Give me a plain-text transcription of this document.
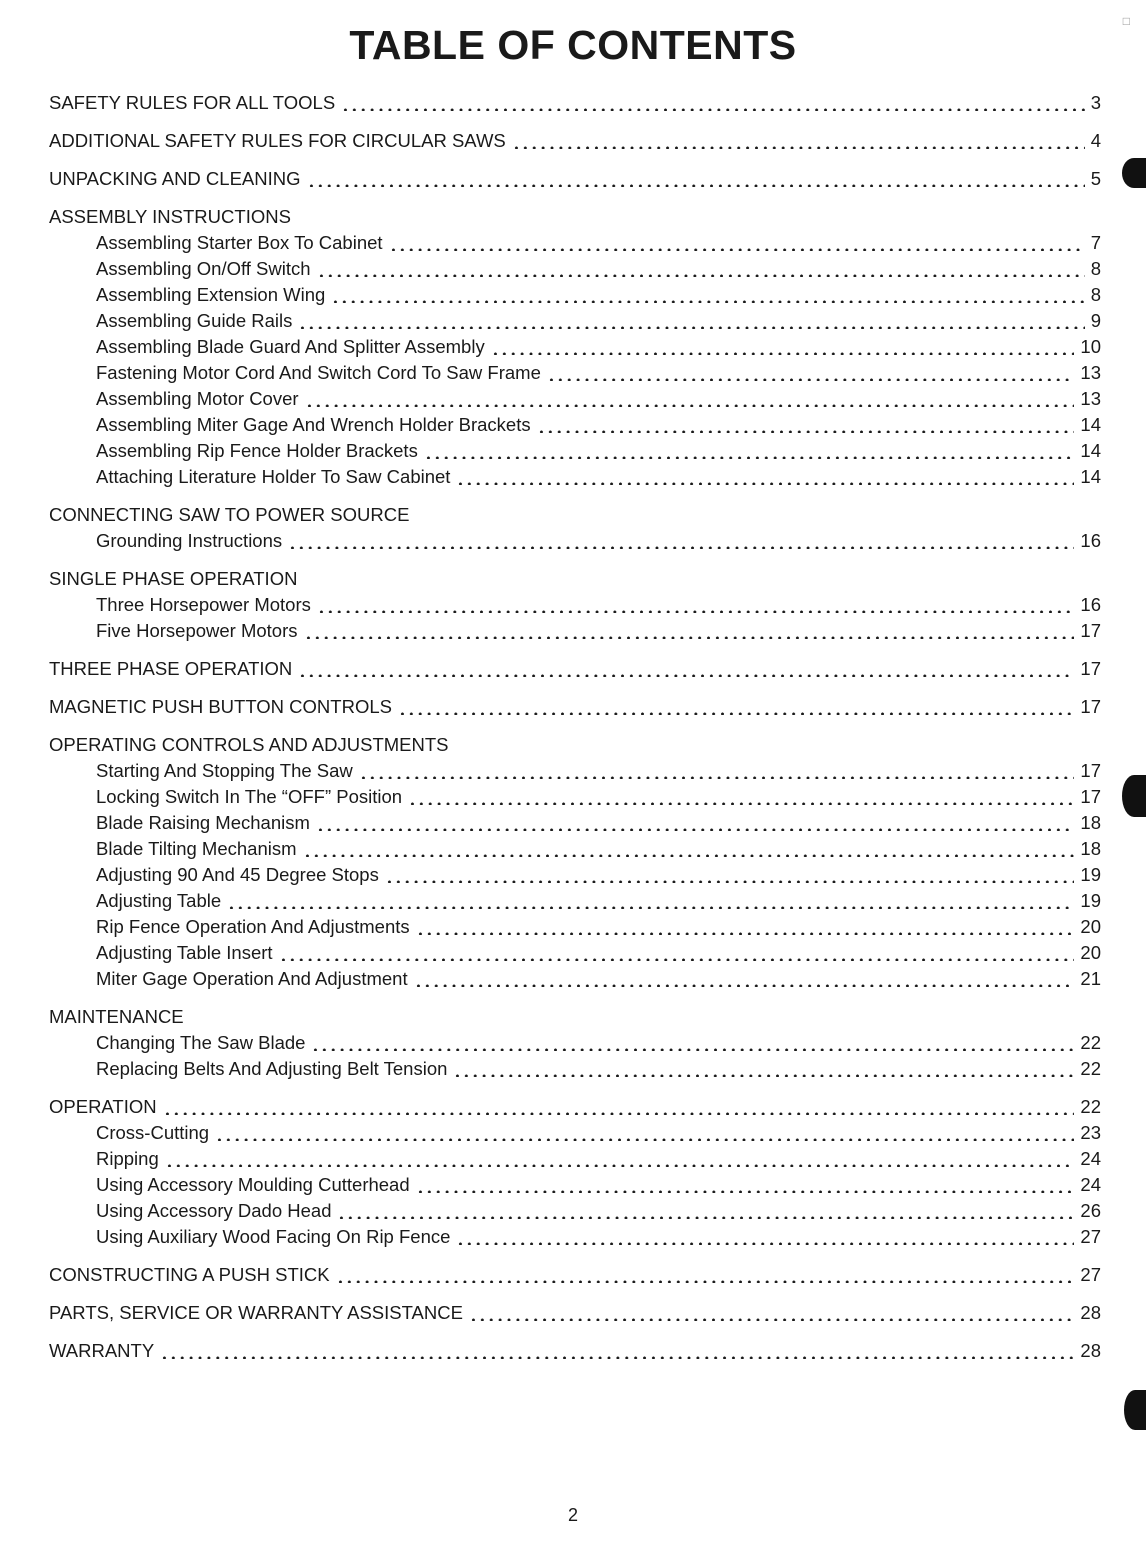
TABLE OF CONTENTS
□
SAFETY RULES FOR ALL TOOLS	3
ADDITIONAL SAFETY RULES FOR CIRCULAR SAWS	4
UNPACKING AND CLEANING	5
ASSEMBLY INSTRUCTIONS
Assembling Starter Box To Cabinet	7
Assembling On/Off Switch	8
Assembling Extension Wing	8
Assembling Guide Rails	9
Assembling Blade Guard And Splitter Assembly	10
Fastening Motor Cord And Switch Cord To Saw Frame	13
Assembling Motor Cover	13
Assembling Miter Gage And Wrench Holder Brackets	14
Assembling Rip Fence Holder Brackets	14
Attaching Literature Holder To Saw Cabinet	14
CONNECTING SAW TO POWER SOURCE
Grounding Instructions	16
SINGLE PHASE OPERATION
Three Horsepower Motors	16
Five Horsepower Motors	17
THREE PHASE OPERATION	17
MAGNETIC PUSH BUTTON CONTROLS	17
OPERATING CONTROLS AND ADJUSTMENTS
Starting And Stopping The Saw	17
Locking Switch In The “OFF” Position	17
Blade Raising Mechanism	18
Blade Tilting Mechanism	18
Adjusting 90 And 45 Degree Stops	19
Adjusting Table	19
Rip Fence Operation And Adjustments	20
Adjusting Table Insert	20
Miter Gage Operation And Adjustment	21
MAINTENANCE
Changing The Saw Blade	22
Replacing Belts And Adjusting Belt Tension	22
OPERATION	22
Cross-Cutting	23
Ripping	24
Using Accessory Moulding Cutterhead	24
Using Accessory Dado Head	26
Using Auxiliary Wood Facing On Rip Fence	27
CONSTRUCTING A PUSH STICK	27
PARTS, SERVICE OR WARRANTY ASSISTANCE	28
WARRANTY	28
2
